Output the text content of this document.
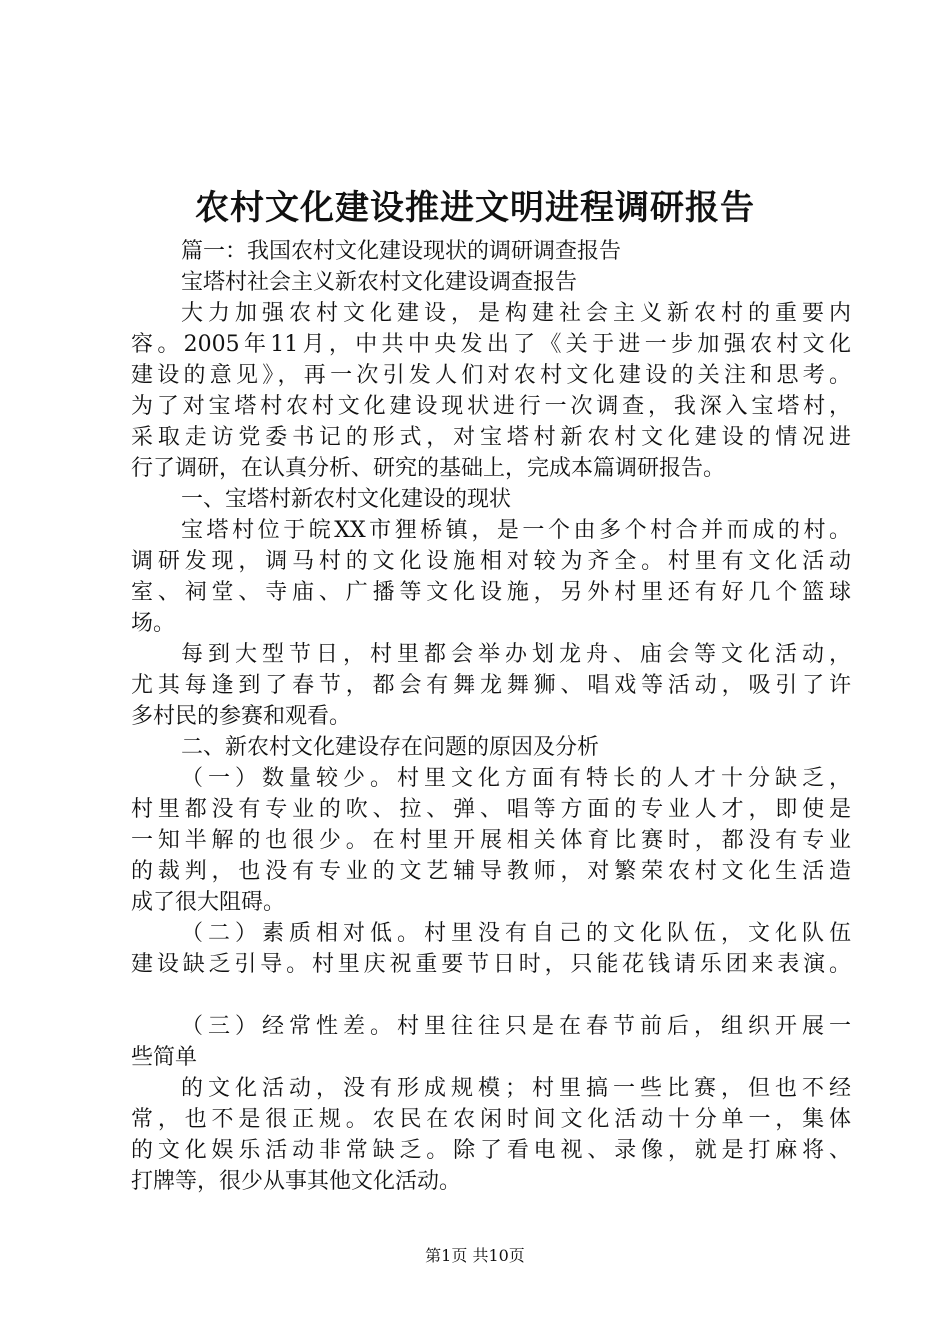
农村文化建设推进文明进程调研报告
篇一：我国农村文化建设现状的调研调查报告
宝塔村社会主义新农村文化建设调查报告
大力加强农村文化建设，是构建社会主义新农村的重要内
容。2005年11月，中共中央发出了《关于进一步加强农村文化
建设的意见》，再一次引发人们对农村文化建设的关注和思考。
为了对宝塔村农村文化建设现状进行一次调查，我深入宝塔村，
采取走访党委书记的形式，对宝塔村新农村文化建设的情况进
行了调研，在认真分析、研究的基础上，完成本篇调研报告。
一、宝塔村新农村文化建设的现状
宝塔村位于皖XX市狸桥镇，是一个由多个村合并而成的村。
调研发现，调马村的文化设施相对较为齐全。村里有文化活动
室、祠堂、寺庙、广播等文化设施，另外村里还有好几个篮球
场。
每到大型节日，村里都会举办划龙舟、庙会等文化活动，
尤其每逢到了春节，都会有舞龙舞狮、唱戏等活动，吸引了许
多村民的参赛和观看。
二、新农村文化建设存在问题的原因及分析
（一）数量较少。村里文化方面有特长的人才十分缺乏，
村里都没有专业的吹、拉、弹、唱等方面的专业人才，即使是
一知半解的也很少。在村里开展相关体育比赛时，都没有专业
的裁判，也没有专业的文艺辅导教师，对繁荣农村文化生活造
成了很大阻碍。
（二）素质相对低。村里没有自己的文化队伍，文化队伍
建设缺乏引导。村里庆祝重要节日时，只能花钱请乐团来表演。
（三）经常性差。村里往往只是在春节前后，组织开展一
些简单
的文化活动，没有形成规模；村里搞一些比赛，但也不经
常，也不是很正规。农民在农闲时间文化活动十分单一，集体
的文化娱乐活动非常缺乏。除了看电视、录像，就是打麻将、
打牌等，很少从事其他文化活动。
第1页 共10页
